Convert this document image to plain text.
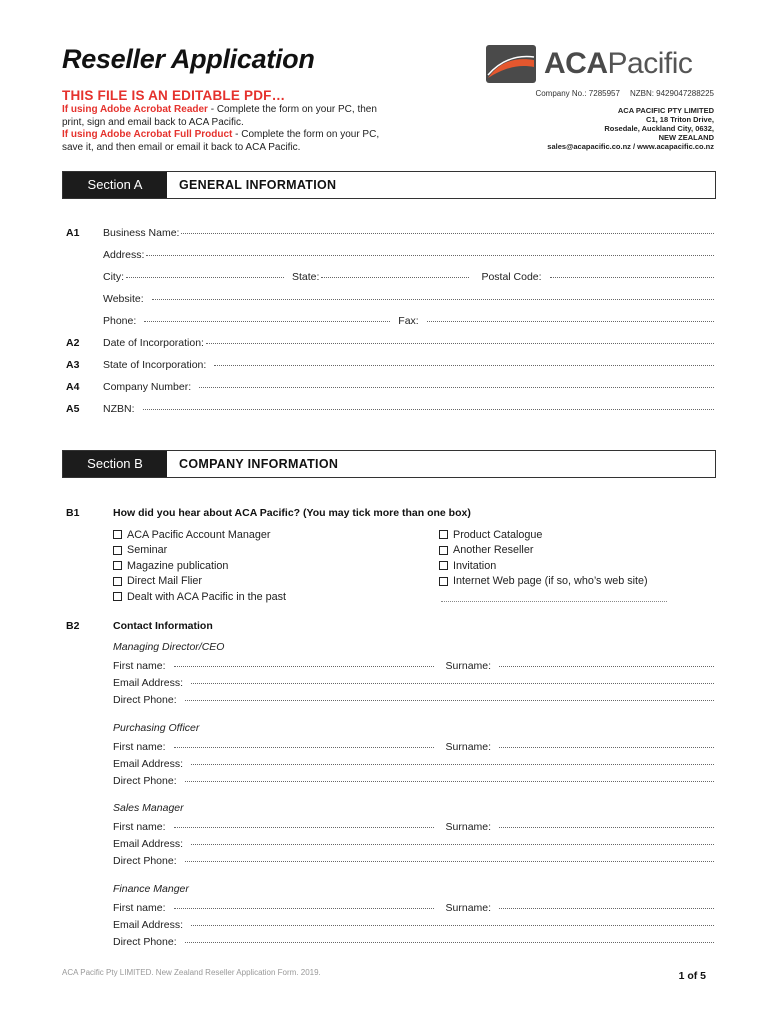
Reseller Application
THIS FILE IS AN EDITABLE PDF…
If using Adobe Acrobat Reader - Complete the form on your PC, then print, sign and email back to ACA Pacific.
If using Adobe Acrobat Full Product - Complete the form on your PC, save it, and then email or email it back to ACA Pacific.
ACAPacific
Company No.: 7285957 NZBN: 9429047288225
ACA PACIFIC PTY LIMITED
C1, 18 Triton Drive,
Rosedale, Auckland City, 0632,
NEW ZEALAND
sales@acapacific.co.nz / www.acapacific.co.nz
Section A	GENERAL INFORMATION
A1 Business Name:
Address:
City:	State:	Postal Code:
Website:
Phone:	Fax:
A2 Date of Incorporation:
A3 State of Incorporation:
A4 Company Number:
A5 NZBN:
Section B	COMPANY INFORMATION
B1	How did you hear about ACA Pacific? (You may tick more than one box)
ACA Pacific Account Manager
Seminar
Magazine publication
Direct Mail Flier
Dealt with ACA Pacific in the past
Product Catalogue
Another Reseller
Invitation
Internet Web page (if so, who’s web site)
B2	Contact Information
Managing Director/CEO
First name:	Surname:
Email Address:
Direct Phone:
Purchasing Officer
First name:	Surname:
Email Address:
Direct Phone:
Sales Manager
First name:	Surname:
Email Address:
Direct Phone:
Finance Manger
First name:	Surname:
Email Address:
Direct Phone:
ACA Pacific Pty LIMITED. New Zealand Reseller Application Form. 2019.	1 of 5
